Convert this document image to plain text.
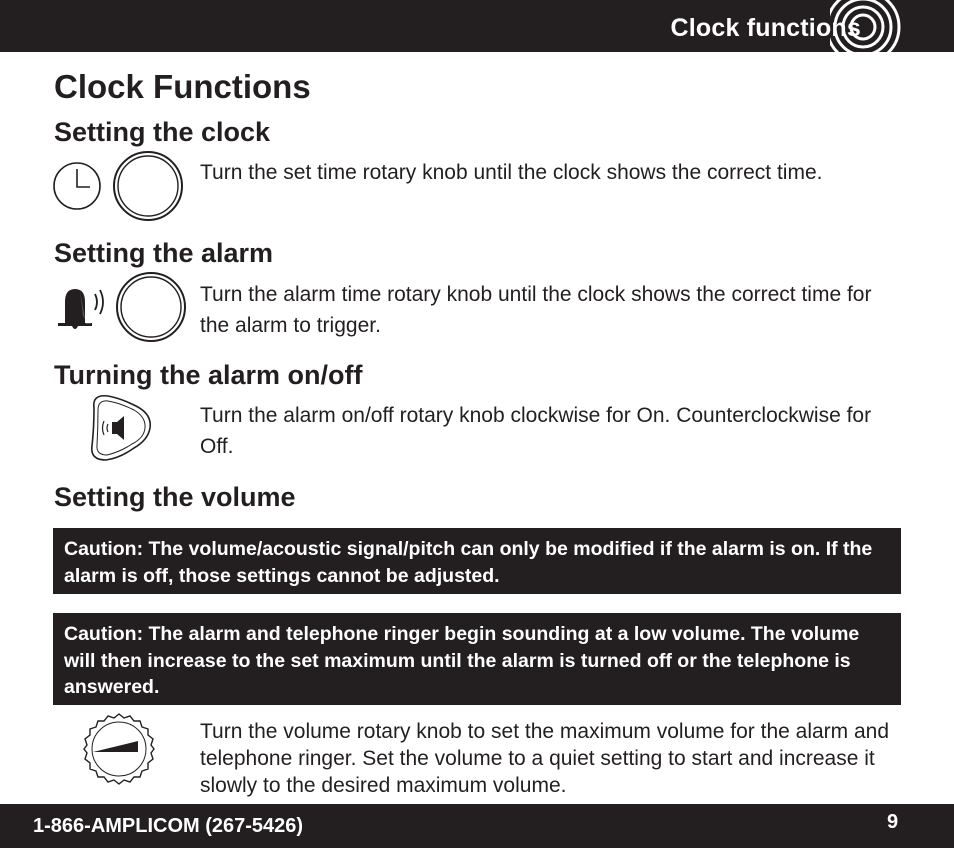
Clock functions
Clock Functions
Setting the clock

Turn the set time rotary knob until the clock shows the correct time.

Setting the alarm

Turn the alarm time rotary knob until the clock shows the correct time for the alarm to trigger.

Turning the alarm on/off

Turn the alarm on/off rotary knob clockwise for On. Counterclockwise for Off.

Setting the volume
Caution: The volume/acoustic signal/pitch can only be modified if the alarm is on. If the alarm is off, those settings cannot be adjusted.
Caution: The alarm and telephone ringer begin sounding at a low volume. The volume will then increase to the set maximum until the alarm is turned off or the telephone is answered.

Turn the volume rotary knob to set the maximum volume for the alarm and telephone ringer. Set the volume to a quiet setting to start and increase it slowly to the desired maximum volume.

1-866-AMPLICOM (267-5426)	9
